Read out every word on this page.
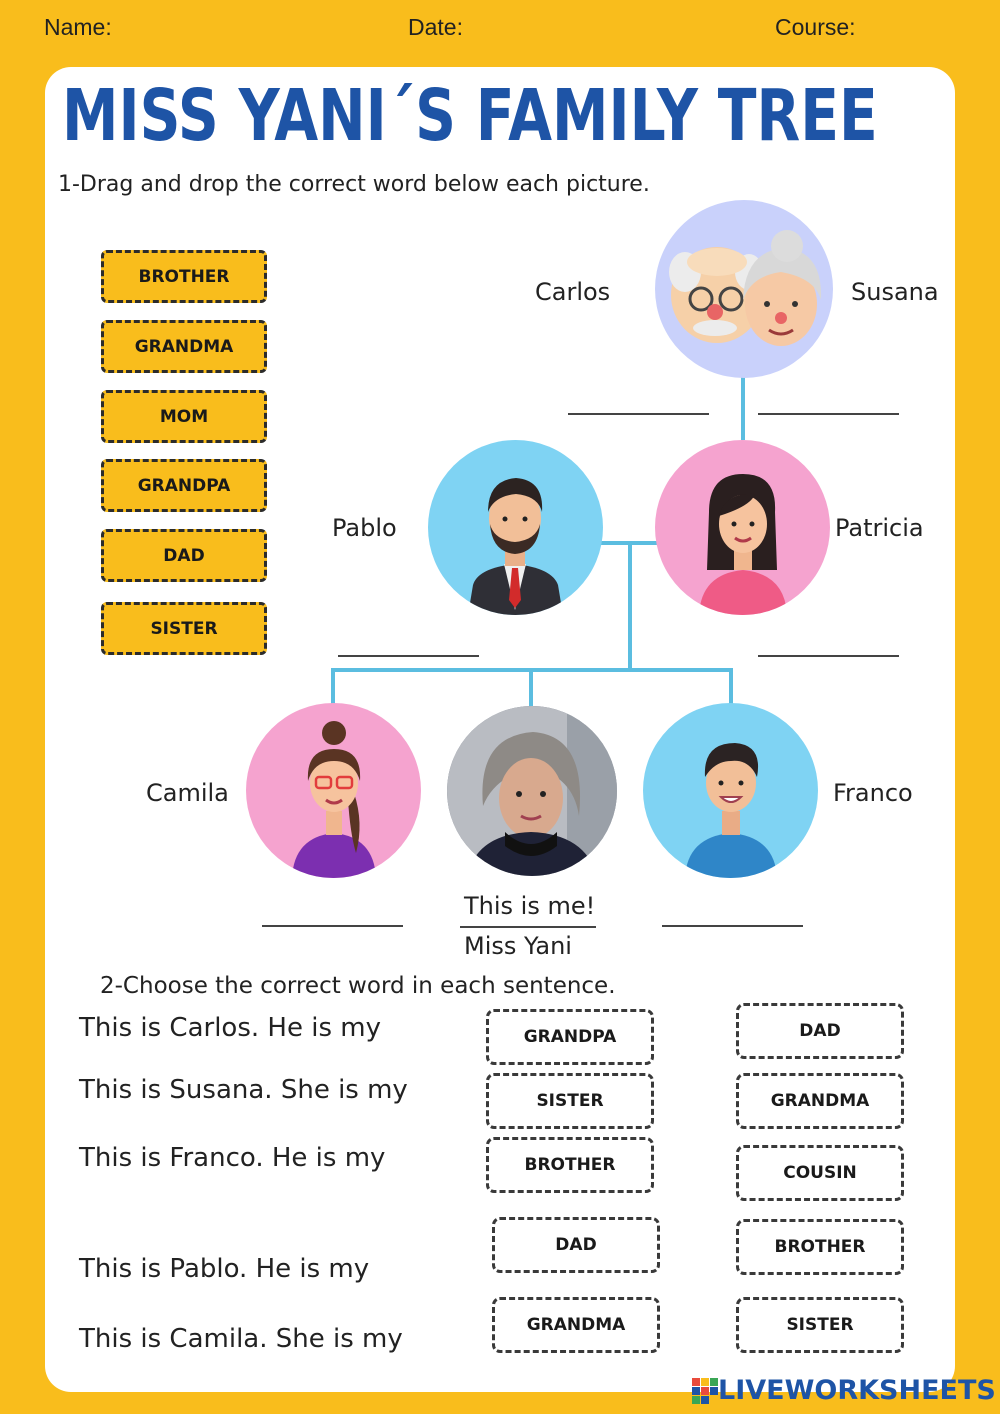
Name:	Date:	Course:
MISS YANI´S FAMILY TREE
1-Drag and drop the correct word below each picture.
BROTHER
GRANDMA
MOM
GRANDPA
DAD
SISTER
Carlos	Susana
Pablo	Patricia
Camila	Franco
This is me!
Miss Yani
2-Choose the correct word in each sentence.
This is Carlos. He is my
This is Susana. She is my
This is Franco. He is my
This is Pablo. He is my
This is Camila. She is my
GRANDPA	DAD
SISTER	GRANDMA
BROTHER	COUSIN
DAD	BROTHER
GRANDMA	SISTER
LIVEWORKSHEETS
